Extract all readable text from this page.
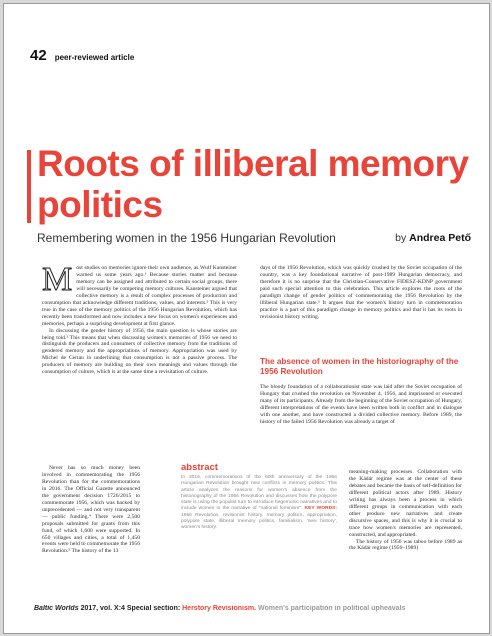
42 peer-reviewed article
Roots of illiberal memory politics
Remembering women in the 1956 Hungarian Revolution	by Andrea Pető
M ost studies on memories ignore their own audience, as Wulf Kansteiner warned us some years ago.¹ Because stories matter and because memory can be assigned and attributed to certain social groups, there will necessarily be competing memory cultures. Kansteiner argued that collective memory is a result of complex processes of production and consumption that acknowledge different traditions, values, and interests.² This is very true in the case of the memory politics of the 1956 Hungarian Revolution, which has recently been transformed and now includes a new focus on women's experiences and memories, perhaps a surprising development at first glance.

In discussing the gender history of 1956, the main question is whose stories are being told.³ This means that when discussing women's memories of 1956 we need to distinguish the producers and consumers of collective memory from the traditions of gendered memory and the appropriations of memory. Appropriation was used by Michel de Certau in underlining that consumption is not a passive process. The producers of memory are building on their own meanings and values through the consumption of culture, which is at the same time a revisitation of culture.

Never has so much money been involved in commemorating the 1956 Revolution than for the commemorations in 2016. The Official Gazette announced the government decision 1726/2015 to commemorate 1956, which was backed by unprecedented — and not very transparent — public funding.⁴ There were 2,500 proposals submitted for grants from this fund, of which 1,600 were supported. In 650 villages and cities, a total of 1,450 events were held to commemorate the 1956 Revolution.⁵ The history of the 13

days of the 1956 Revolution, which was quickly crushed by the Soviet occupation of the country, was a key foundational narrative of post-1989 Hungarian democracy, and therefore it is no surprise that the Christian-Conservative FIDESZ-KDNP government paid such special attention to this celebration. This article explores the roots of the paradigm change of gender politics of commemorating the 1956 Revolution by the illiberal Hungarian state.⁶ It argues that the women's history turn in commemoration practice is a part of this paradigm change in memory politics and that it has its roots in revisionist history writing.

The absence of women in the historiography of the 1956 Revolution

The bloody foundation of a collaborationist state was laid after the Soviet occupation of Hungary that crushed the revolution on November 4, 1956, and imprisoned or executed many of its participants. Already from the beginning of the Soviet occupation of Hungary, different interpretations of the events have been written both in conflict and in dialogue with one another, and have constructed a divided collective memory. Before 1989, the history of the failed 1956 Revolution was already a target of

abstract
In 2016, commemorations of the 60th anniversary of the 1956 Hungarian Revolution brought new conflicts in memory politics. This article analyzes the reasons for women's absence from the historiography of the 1956 Revolution and discusses how the polypore state is using the populist turn to introduce hegemonic narratives and to include women in the narrative of "national feminism". KEY WORDS: 1956 Revolution, revisionist history, memory politics, appropriation, polypore state, illiberal memory politics, familialism, 'new history', women's history.

meaning-making processes. Collaboration with the Kádár regime was at the center of these debates and became the basis of self-definition for different political actors after 1989. History writing has always been a process in which different groups in communication with each other produce new narratives and create discursive spaces, and this is why it is crucial to trace how women's memories are represented, constructed, and appropriated.

The history of 1956 was taboo before 1989 as the Kádár regime (1956–1989)

Baltic Worlds 2017, vol. X:4 Special section: Herstory Revisionism. Women's participation in political upheavals
